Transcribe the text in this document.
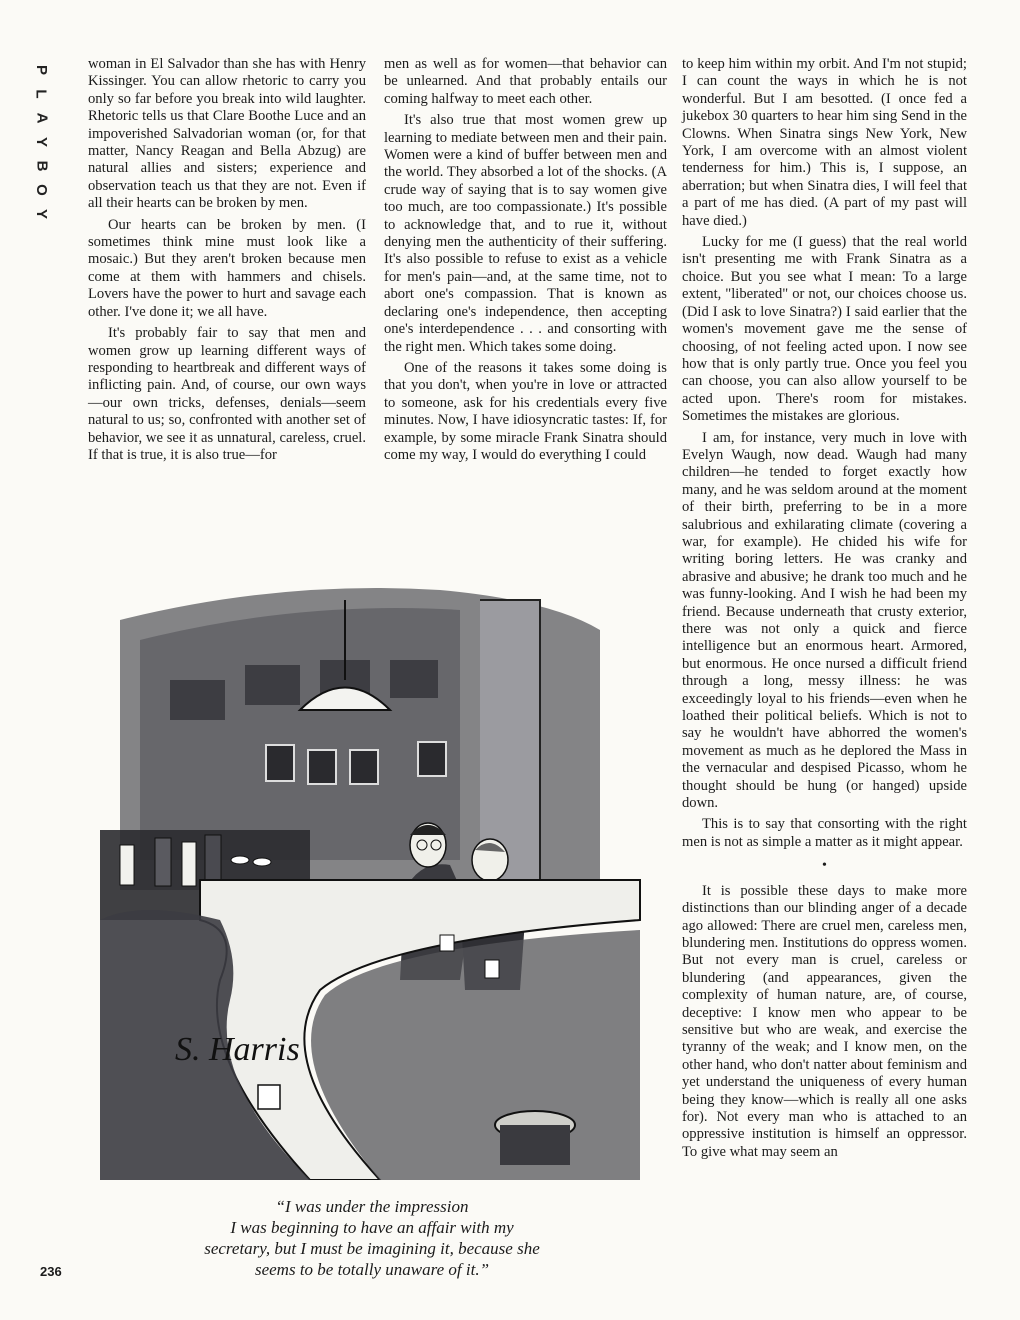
P
L
A
Y
B
O
Y

woman in El Salvador than she has with Henry Kissinger. You can allow rhetoric to carry you only so far before you break into wild laughter. Rhetoric tells us that Clare Boothe Luce and an impoverished Salvadorian woman (or, for that matter, Nancy Reagan and Bella Abzug) are natural allies and sisters; experience and observation teach us that they are not. Even if all their hearts can be broken by men.

Our hearts can be broken by men. (I sometimes think mine must look like a mosaic.) But they aren't broken because men come at them with hammers and chisels. Lovers have the power to hurt and savage each other. I've done it; we all have.

It's probably fair to say that men and women grow up learning different ways of responding to heartbreak and different ways of inflicting pain. And, of course, our own ways—our own tricks, defenses, denials—seem natural to us; so, confronted with another set of behavior, we see it as unnatural, careless, cruel. If that is true, it is also true—for

men as well as for women—that behavior can be unlearned. And that probably entails our coming halfway to meet each other.

It's also true that most women grew up learning to mediate between men and their pain. Women were a kind of buffer between men and the world. They absorbed a lot of the shocks. (A crude way of saying that is to say women give too much, are too compassionate.) It's possible to acknowledge that, and to rue it, without denying men the authenticity of their suffering. It's also possible to refuse to exist as a vehicle for men's pain—and, at the same time, not to abort one's compassion. That is known as declaring one's independence, then accepting one's interdependence . . . and consorting with the right men. Which takes some doing.

One of the reasons it takes some doing is that you don't, when you're in love or attracted to someone, ask for his credentials every five minutes. Now, I have idiosyncratic tastes: If, for example, by some miracle Frank Sinatra should come my way, I would do everything I could

to keep him within my orbit. And I'm not stupid; I can count the ways in which he is not wonderful. But I am besotted. (I once fed a jukebox 30 quarters to hear him sing Send in the Clowns. When Sinatra sings New York, New York, I am overcome with an almost violent tenderness for him.) This is, I suppose, an aberration; but when Sinatra dies, I will feel that a part of me has died. (A part of my past will have died.)

Lucky for me (I guess) that the real world isn't presenting me with Frank Sinatra as a choice. But you see what I mean: To a large extent, "liberated" or not, our choices choose us. (Did I ask to love Sinatra?) I said earlier that the women's movement gave me the sense of choosing, of not feeling acted upon. I now see how that is only partly true. Once you feel you can choose, you can also allow yourself to be acted upon. There's room for mistakes. Sometimes the mistakes are glorious.

I am, for instance, very much in love with Evelyn Waugh, now dead. Waugh had many children—he tended to forget exactly how many, and he was seldom around at the moment of their birth, preferring to be in a more salubrious and exhilarating climate (covering a war, for example). He chided his wife for writing boring letters. He was cranky and abrasive and abusive; he drank too much and he was funny-looking. And I wish he had been my friend. Because underneath that crusty exterior, there was not only a quick and fierce intelligence but an enormous heart. Armored, but enormous. He once nursed a difficult friend through a long, messy illness: he was exceedingly loyal to his friends—even when he loathed their political beliefs. Which is not to say he wouldn't have abhorred the women's movement as much as he deplored the Mass in the vernacular and despised Picasso, whom he thought should be hung (or hanged) upside down.

This is to say that consorting with the right men is not as simple a matter as it might appear.

•

It is possible these days to make more distinctions than our blinding anger of a decade ago allowed: There are cruel men, careless men, blundering men. Institutions do oppress women. But not every man is cruel, careless or blundering (and appearances, given the complexity of human nature, are, of course, deceptive: I know men who appear to be sensitive but who are weak, and exercise the tyranny of the weak; and I know men, on the other hand, who don't natter about feminism and yet understand the uniqueness of every human being they know—which is really all one asks for). Not every man who is attached to an oppressive institution is himself an oppressor. To give what may seem an

S. Harris
“I was under the impression
I was beginning to have an affair with my
secretary, but I must be imagining it, because she
seems to be totally unaware of it.”
236
